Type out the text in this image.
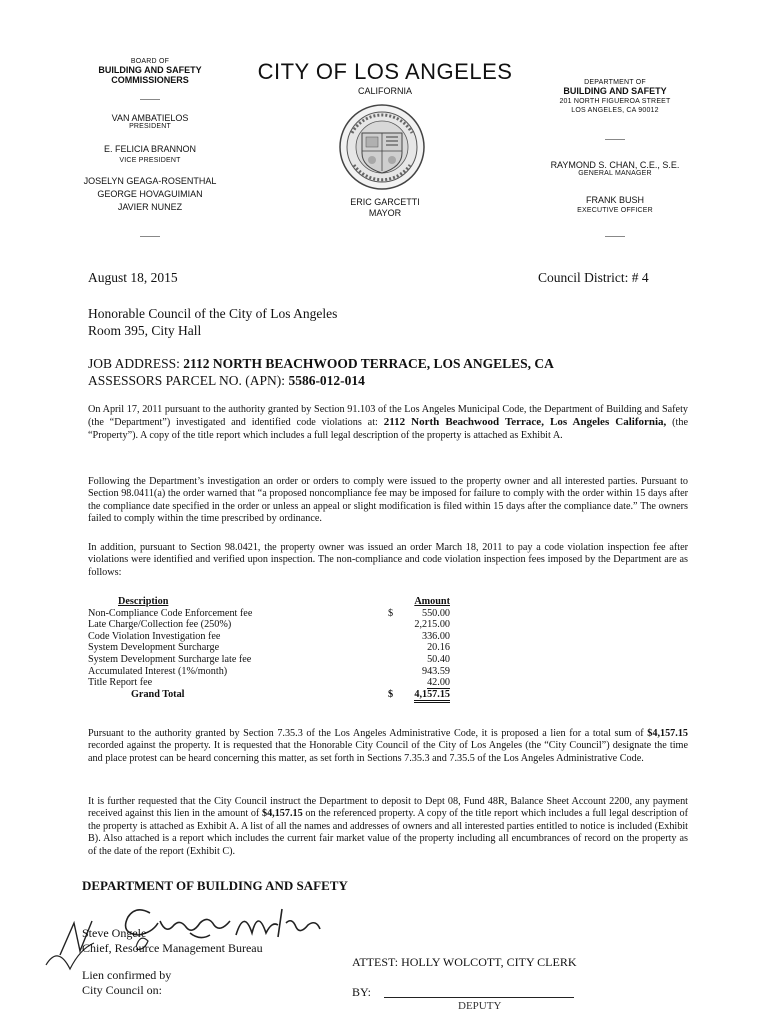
BOARD OF
BUILDING AND SAFETY
COMMISSIONERS
VAN AMBATIELOS
PRESIDENT
E. FELICIA BRANNON
VICE PRESIDENT
JOSELYN GEAGA-ROSENTHAL
GEORGE HOVAGUIMIAN
JAVIER NUNEZ
CITY OF LOS ANGELES
CALIFORNIA
ERIC GARCETTI
MAYOR
DEPARTMENT OF
BUILDING AND SAFETY
201 NORTH FIGUEROA STREET
LOS ANGELES, CA 90012
RAYMOND S. CHAN, C.E., S.E.
GENERAL MANAGER
FRANK BUSH
EXECUTIVE OFFICER
August 18, 2015	Council District: # 4
Honorable Council of the City of Los Angeles
Room 395, City Hall
JOB ADDRESS: 2112 NORTH BEACHWOOD TERRACE, LOS ANGELES, CA
ASSESSORS PARCEL NO. (APN): 5586-012-014
On April 17, 2011 pursuant to the authority granted by Section 91.103 of the Los Angeles Municipal Code, the Department of Building and Safety (the “Department”) investigated and identified code violations at: 2112 North Beachwood Terrace, Los Angeles California, (the “Property”). A copy of the title report which includes a full legal description of the property is attached as Exhibit A.
Following the Department’s investigation an order or orders to comply were issued to the property owner and all interested parties. Pursuant to Section 98.0411(a) the order warned that “a proposed noncompliance fee may be imposed for failure to comply with the order within 15 days after the compliance date specified in the order or unless an appeal or slight modification is filed within 15 days after the compliance date.” The owners failed to comply within the time prescribed by ordinance.
In addition, pursuant to Section 98.0421, the property owner was issued an order March 18, 2011 to pay a code violation inspection fee after violations were identified and verified upon inspection. The non-compliance and code violation inspection fees imposed by the Department are as follows:
Description	Amount
Non-Compliance Code Enforcement fee	$	550.00
Late Charge/Collection fee (250%)	2,215.00
Code Violation Investigation fee	336.00
System Development Surcharge	20.16
System Development Surcharge late fee	50.40
Accumulated Interest (1%/month)	943.59
Title Report fee	42.00
Grand Total	$	4,157.15
Pursuant to the authority granted by Section 7.35.3 of the Los Angeles Administrative Code, it is proposed a lien for a total sum of $4,157.15 recorded against the property. It is requested that the Honorable City Council of the City of Los Angeles (the “City Council”) designate the time and place protest can be heard concerning this matter, as set forth in Sections 7.35.3 and 7.35.5 of the Los Angeles Administrative Code.
It is further requested that the City Council instruct the Department to deposit to Dept 08, Fund 48R, Balance Sheet Account 2200, any payment received against this lien in the amount of $4,157.15 on the referenced property. A copy of the title report which includes a full legal description of the property is attached as Exhibit A. A list of all the names and addresses of owners and all interested parties entitled to notice is included (Exhibit B). Also attached is a report which includes the current fair market value of the property including all encumbrances of record on the property as of the date of the report (Exhibit C).
DEPARTMENT OF BUILDING AND SAFETY
Steve Ongele
Chief, Resource Management Bureau
ATTEST: HOLLY WOLCOTT, CITY CLERK
Lien confirmed by
City Council on:	BY:
DEPUTY
